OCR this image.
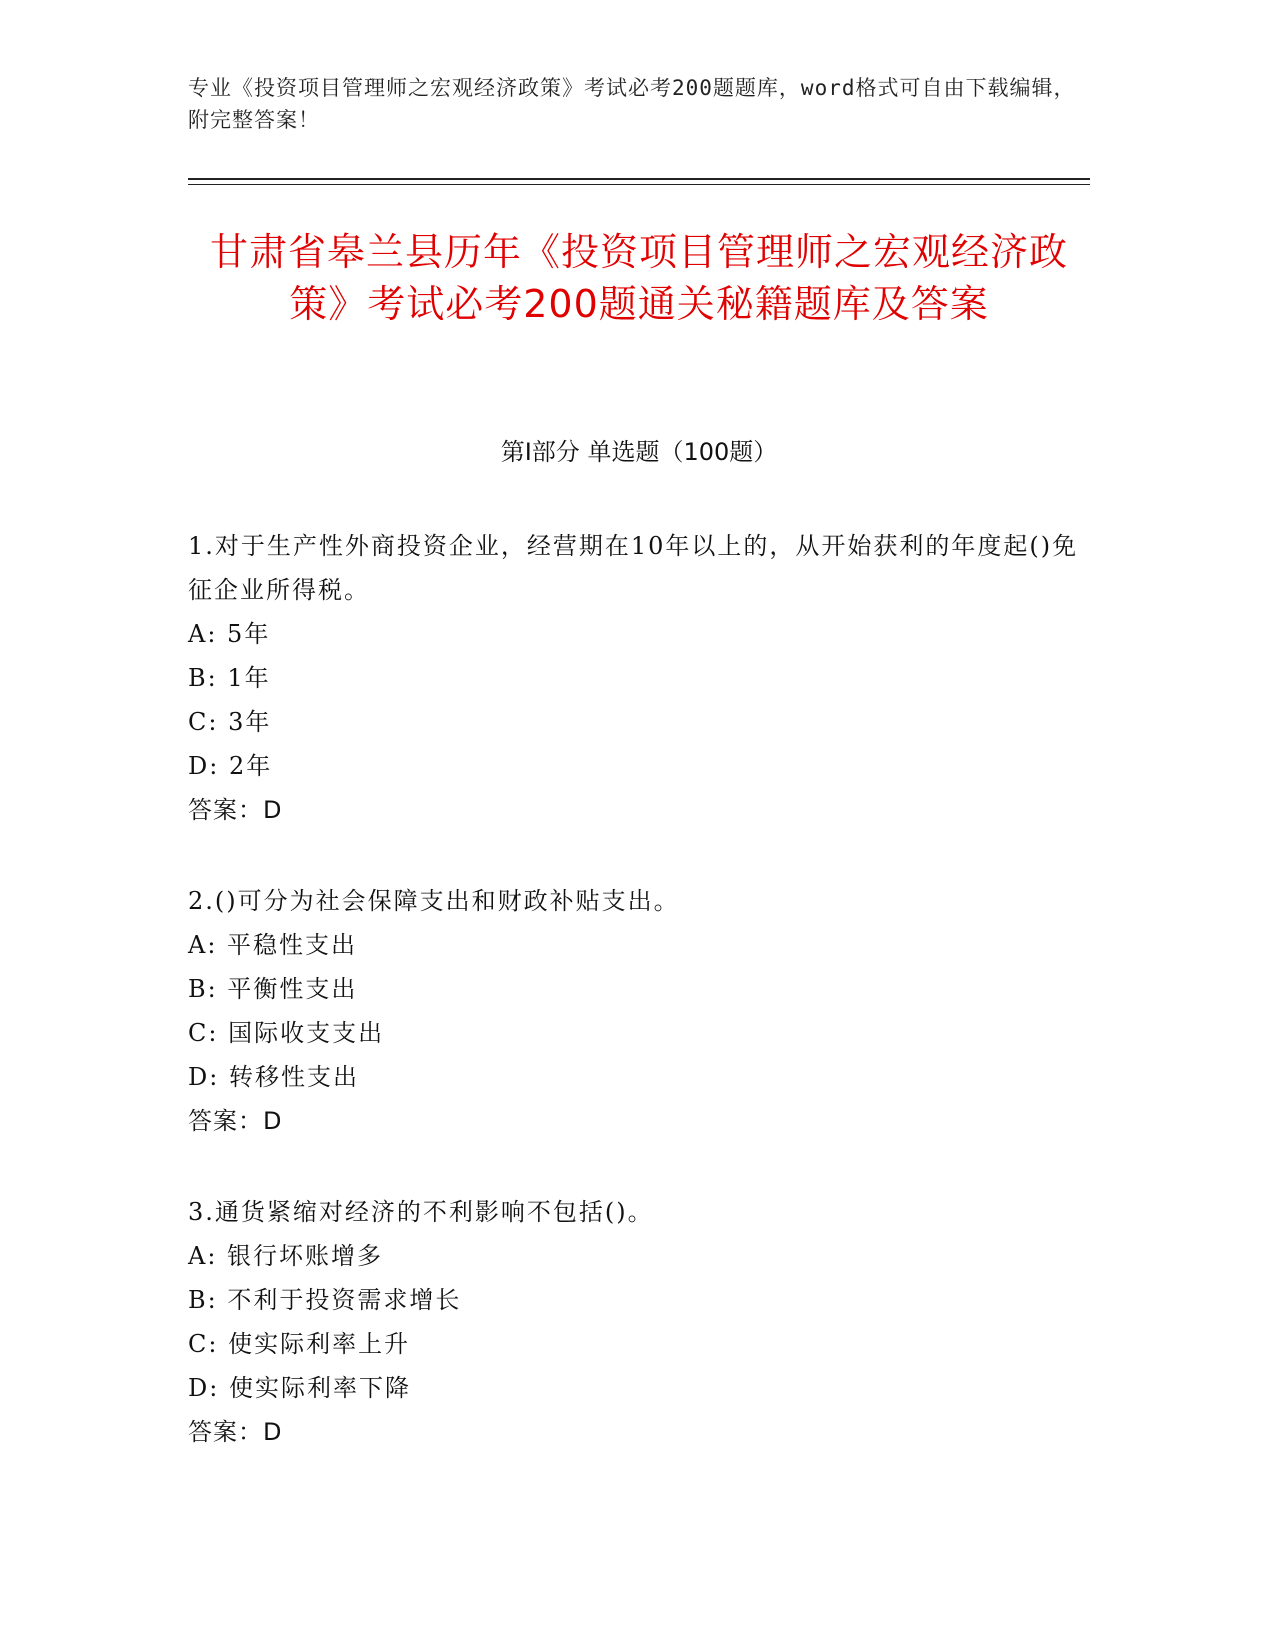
专业《投资项目管理师之宏观经济政策》考试必考200题题库，word格式可自由下载编辑，附完整答案！
甘肃省皋兰县历年《投资项目管理师之宏观经济政策》考试必考200题通关秘籍题库及答案
第I部分 单选题（100题）

1.对于生产性外商投资企业，经营期在10年以上的，从开始获利的年度起()免征企业所得税。

A: 5年

B: 1年

C: 3年

D: 2年

答案：D

2.()可分为社会保障支出和财政补贴支出。

A: 平稳性支出

B: 平衡性支出

C: 国际收支支出

D: 转移性支出

答案：D

3.通货紧缩对经济的不利影响不包括()。

A: 银行坏账增多

B: 不利于投资需求增长

C: 使实际利率上升

D: 使实际利率下降

答案：D
